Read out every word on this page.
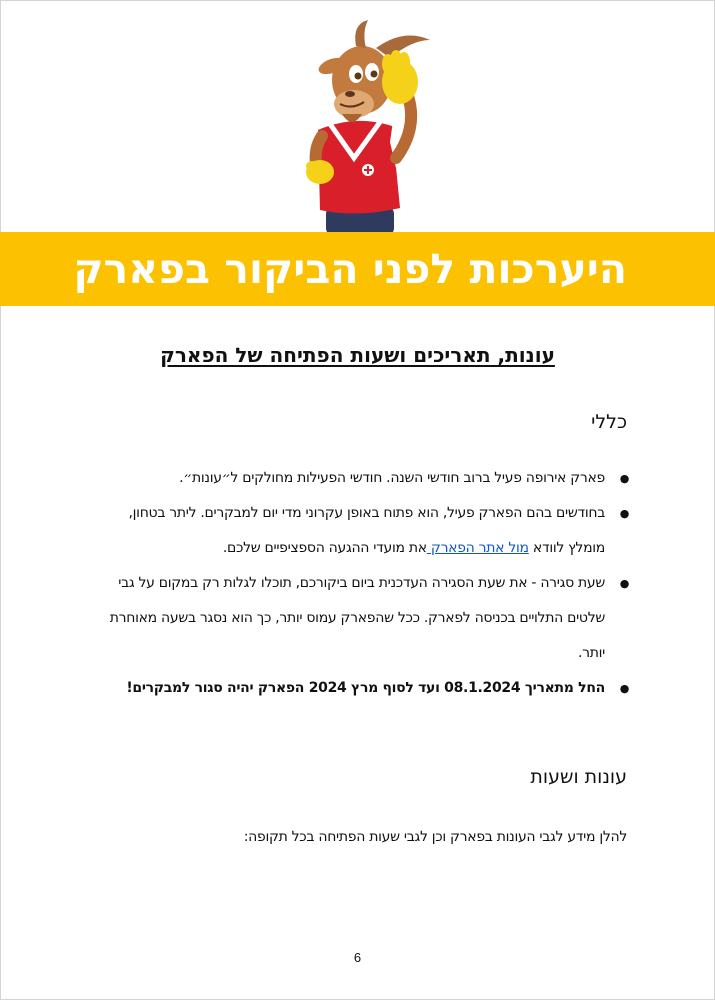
היערכות לפני הביקור בפארק
עונות, תאריכים ושעות הפתיחה של הפארק
כללי
● פארק אירופה פעיל ברוב חודשי השנה. חודשי הפעילות מחולקים ל״עונות״.
● בחודשים בהם הפארק פעיל, הוא פתוח באופן עקרוני מדי יום למבקרים. ליתר בטחון, מומלץ לוודא מול אתר הפארק את מועדי ההגעה הספציפיים שלכם.
● שעת סגירה - את שעת הסגירה העדכנית ביום ביקורכם, תוכלו לגלות רק במקום על גבי שלטים התלויים בכניסה לפארק. ככל שהפארק עמוס יותר, כך הוא נסגר בשעה מאוחרת יותר.
● החל מתאריך 08.1.2024 ועד לסוף מרץ 2024 הפארק יהיה סגור למבקרים!
עונות ושעות
להלן מידע לגבי העונות בפארק וכן לגבי שעות הפתיחה בכל תקופה:
6
